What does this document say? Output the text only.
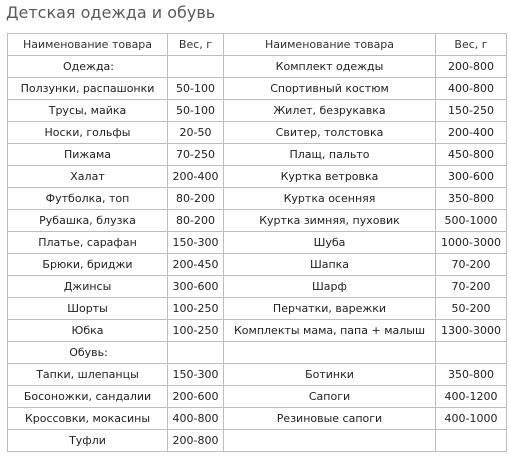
Детская одежда и обувь
Наименование товара	Вес, г	Наименование товара	Вес, г
Одежда:		Комплект одежды	200-800
Ползунки, распашонки	50-100	Спортивный костюм	400-800
Трусы, майка	50-100	Жилет, безрукавка	150-250
Носки, гольфы	20-50	Свитер, толстовка	200-400
Пижама	70-250	Плащ, пальто	450-800
Халат	200-400	Куртка ветровка	300-600
Футболка, топ	80-200	Куртка осенняя	350-800
Рубашка, блузка	80-200	Куртка зимняя, пуховик	500-1000
Платье, сарафан	150-300	Шуба	1000-3000
Брюки, бриджи	200-450	Шапка	70-200
Джинсы	300-600	Шарф	70-200
Шорты	100-250	Перчатки, варежки	50-200
Юбка	100-250	Комплекты мама, папа + малыш	1300-3000
Обувь:			
Тапки, шлепанцы	150-300	Ботинки	350-800
Босоножки, сандалии	200-600	Сапоги	400-1200
Кроссовки, мокасины	400-800	Резиновые сапоги	400-1000
Туфли	200-800		
